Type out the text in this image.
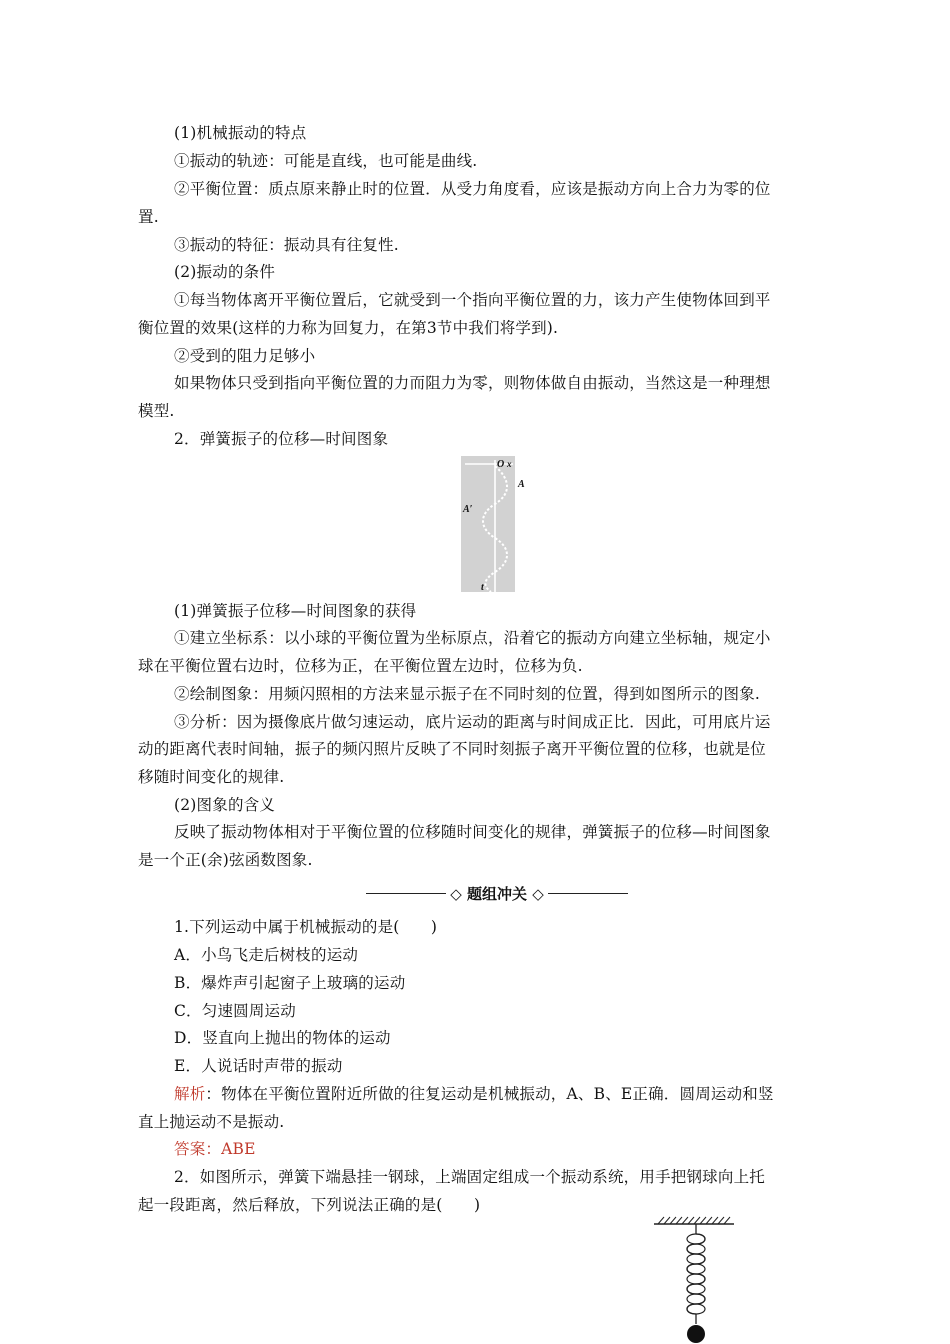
(1)机械振动的特点
①振动的轨迹：可能是直线，也可能是曲线.
②平衡位置：质点原来静止时的位置．从受力角度看，应该是振动方向上合力为零的位
置.
③振动的特征：振动具有往复性.
(2)振动的条件
①每当物体离开平衡位置后，它就受到一个指向平衡位置的力，该力产生使物体回到平
衡位置的效果(这样的力称为回复力，在第3节中我们将学到).
②受到的阻力足够小
如果物体只受到指向平衡位置的力而阻力为零，则物体做自由振动，当然这是一种理想
模型.
2．弹簧振子的位移—时间图象
O x
A
A′
t
(1)弹簧振子位移—时间图象的获得
①建立坐标系：以小球的平衡位置为坐标原点，沿着它的振动方向建立坐标轴，规定小
球在平衡位置右边时，位移为正，在平衡位置左边时，位移为负.
②绘制图象：用频闪照相的方法来显示振子在不同时刻的位置，得到如图所示的图象.
③分析：因为摄像底片做匀速运动，底片运动的距离与时间成正比．因此，可用底片运
动的距离代表时间轴，振子的频闪照片反映了不同时刻振子离开平衡位置的位移，也就是位
移随时间变化的规律.
(2)图象的含义
反映了振动物体相对于平衡位置的位移随时间变化的规律，弹簧振子的位移—时间图象
是一个正(余)弦函数图象.
◇ 题组冲关 ◇
1.下列运动中属于机械振动的是(　　)
A．小鸟飞走后树枝的运动
B．爆炸声引起窗子上玻璃的运动
C．匀速圆周运动
D．竖直向上抛出的物体的运动
E．人说话时声带的振动
解析：物体在平衡位置附近所做的往复运动是机械振动，A、B、E正确．圆周运动和竖
直上抛运动不是振动.
答案：ABE
2．如图所示，弹簧下端悬挂一钢球，上端固定组成一个振动系统，用手把钢球向上托
起一段距离，然后释放，下列说法正确的是(　　)
